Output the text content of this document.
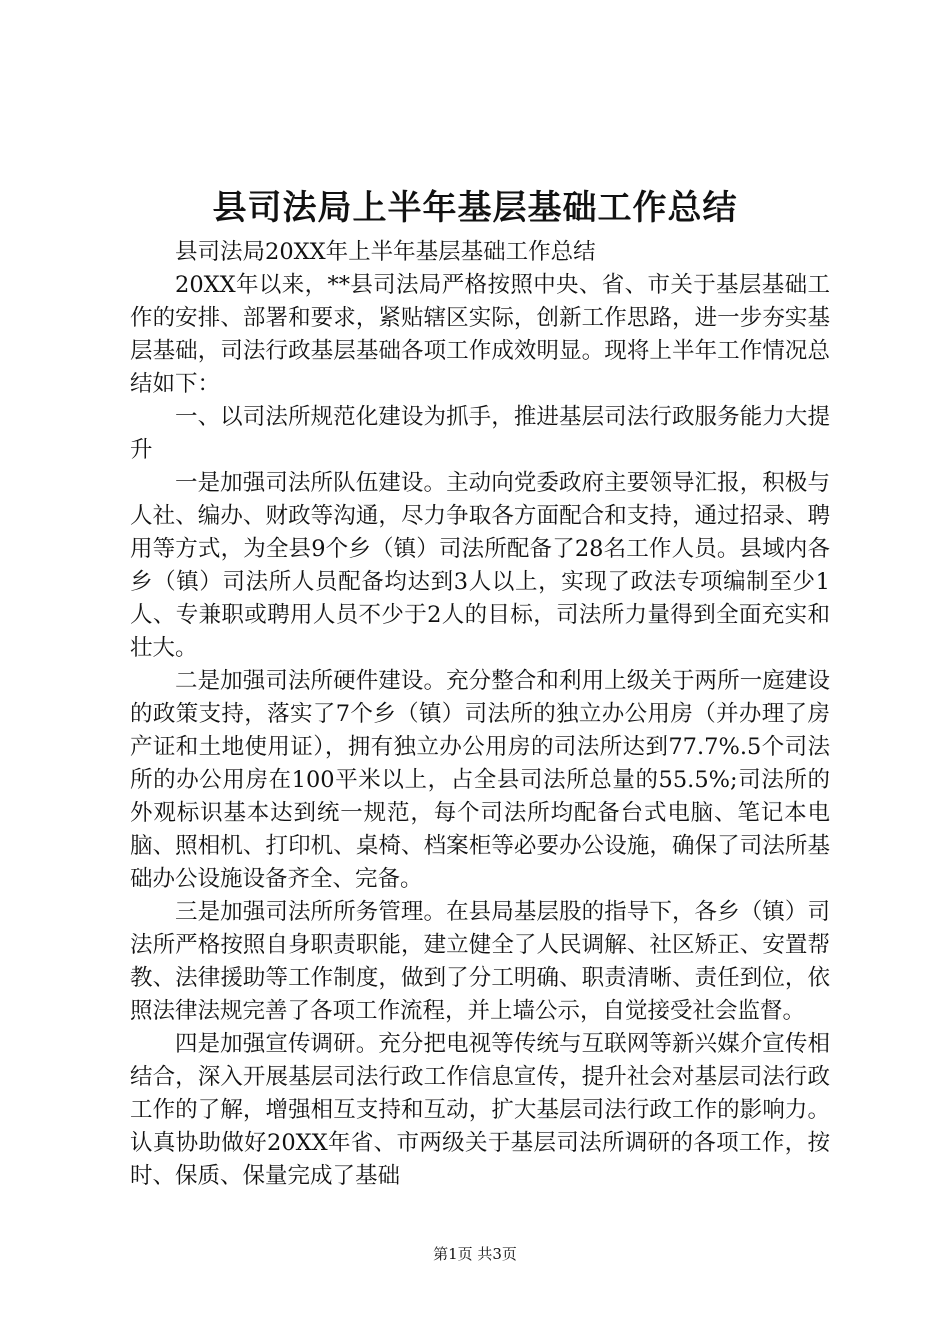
县司法局上半年基层基础工作总结

县司法局20XX年上半年基层基础工作总结

20XX年以来，**县司法局严格按照中央、省、市关于基层基础工作的安排、部署和要求，紧贴辖区实际，创新工作思路，进一步夯实基层基础，司法行政基层基础各项工作成效明显。现将上半年工作情况总结如下：

一、以司法所规范化建设为抓手，推进基层司法行政服务能力大提升

一是加强司法所队伍建设。主动向党委政府主要领导汇报，积极与人社、编办、财政等沟通，尽力争取各方面配合和支持，通过招录、聘用等方式，为全县9个乡（镇）司法所配备了28名工作人员。县域内各乡（镇）司法所人员配备均达到3人以上，实现了政法专项编制至少1人、专兼职或聘用人员不少于2人的目标，司法所力量得到全面充实和壮大。

二是加强司法所硬件建设。充分整合和利用上级关于两所一庭建设的政策支持，落实了7个乡（镇）司法所的独立办公用房（并办理了房产证和土地使用证），拥有独立办公用房的司法所达到77.7%.5个司法所的办公用房在100平米以上，占全县司法所总量的55.5%;司法所的外观标识基本达到统一规范，每个司法所均配备台式电脑、笔记本电脑、照相机、打印机、桌椅、档案柜等必要办公设施，确保了司法所基础办公设施设备齐全、完备。

三是加强司法所所务管理。在县局基层股的指导下，各乡（镇）司法所严格按照自身职责职能，建立健全了人民调解、社区矫正、安置帮教、法律援助等工作制度，做到了分工明确、职责清晰、责任到位，依照法律法规完善了各项工作流程，并上墙公示，自觉接受社会监督。

四是加强宣传调研。充分把电视等传统与互联网等新兴媒介宣传相结合，深入开展基层司法行政工作信息宣传，提升社会对基层司法行政工作的了解，增强相互支持和互动，扩大基层司法行政工作的影响力。认真协助做好20XX年省、市两级关于基层司法所调研的各项工作，按时、保质、保量完成了基础

第1页 共3页
